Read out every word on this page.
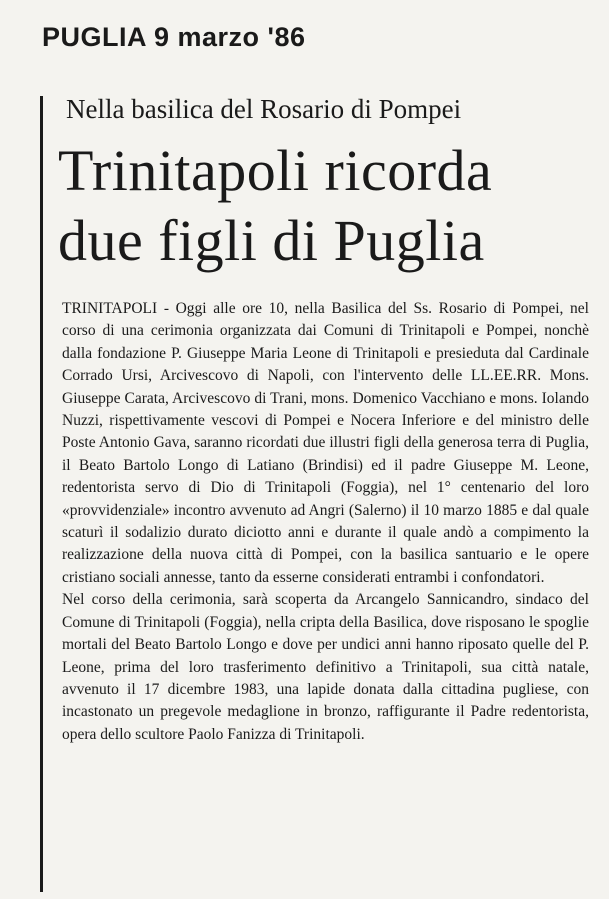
PUGLIA 9 marzo '86
Nella basilica del Rosario di Pompei
Trinitapoli ricorda
due figli di Puglia

TRINITAPOLI - Oggi alle ore 10, nella Basilica del Ss. Rosario di Pompei, nel corso di una cerimonia organizzata dai Comuni di Trinitapoli e Pompei, nonchè dalla fondazione P. Giuseppe Maria Leone di Trinitapoli e presieduta dal Cardinale Corrado Ursi, Arcivescovo di Napoli, con l'intervento delle LL.EE.RR. Mons. Giuseppe Carata, Arcivescovo di Trani, mons. Domenico Vacchiano e mons. Iolando Nuzzi, rispettivamente vescovi di Pompei e Nocera Inferiore e del ministro delle Poste Antonio Gava, saranno ricordati due illustri figli della generosa terra di Puglia, il Beato Bartolo Longo di Latiano (Brindisi) ed il padre Giuseppe M. Leone, redentorista servo di Dio di Trinitapoli (Foggia), nel 1° centenario del loro «provvidenziale» incontro avvenuto ad Angri (Salerno) il 10 marzo 1885 e dal quale scaturì il sodalizio durato diciotto anni e durante il quale andò a compimento la realizzazione della nuova città di Pompei, con la basilica santuario e le opere cristiano sociali annesse, tanto da esserne considerati entrambi i confondatori.

Nel corso della cerimonia, sarà scoperta da Arcangelo Sannicandro, sindaco del Comune di Trinitapoli (Foggia), nella cripta della Basilica, dove risposano le spoglie mortali del Beato Bartolo Longo e dove per undici anni hanno riposato quelle del P. Leone, prima del loro trasferimento definitivo a Trinitapoli, sua città natale, avvenuto il 17 dicembre 1983, una lapide donata dalla cittadina pugliese, con incastonato un pregevole medaglione in bronzo, raffigurante il Padre redentorista, opera dello scultore Paolo Fanizza di Trinitapoli.
